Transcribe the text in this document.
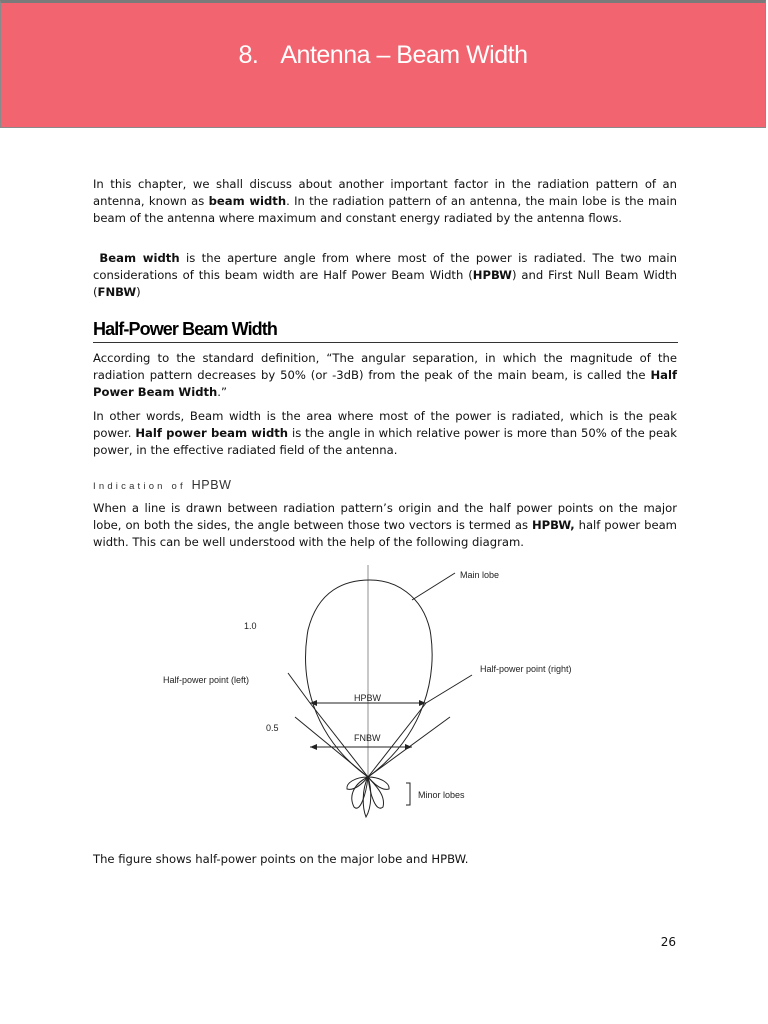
8. Antenna – Beam Width

In this chapter, we shall discuss about another important factor in the radiation pattern of an antenna, known as beam width. In the radiation pattern of an antenna, the main lobe is the main beam of the antenna where maximum and constant energy radiated by the antenna flows.

Beam width is the aperture angle from where most of the power is radiated. The two main considerations of this beam width are Half Power Beam Width (HPBW) and First Null Beam Width (FNBW)

Half-Power Beam Width

According to the standard definition, “The angular separation, in which the magnitude of the radiation pattern decreases by 50% (or -3dB) from the peak of the main beam, is called the Half Power Beam Width.”

In other words, Beam width is the area where most of the power is radiated, which is the peak power. Half power beam width is the angle in which relative power is more than 50% of the peak power, in the effective radiated field of the antenna.

Indication of HPBW

When a line is drawn between radiation pattern’s origin and the half power points on the major lobe, on both the sides, the angle between those two vectors is termed as HPBW, half power beam width. This can be well understood with the help of the following diagram.

Main lobe
1.0
0.5
Half-power point (left)
Half-power point (right)
HPBW
FNBW
Minor lobes
The figure shows half-power points on the major lobe and HPBW.
26
